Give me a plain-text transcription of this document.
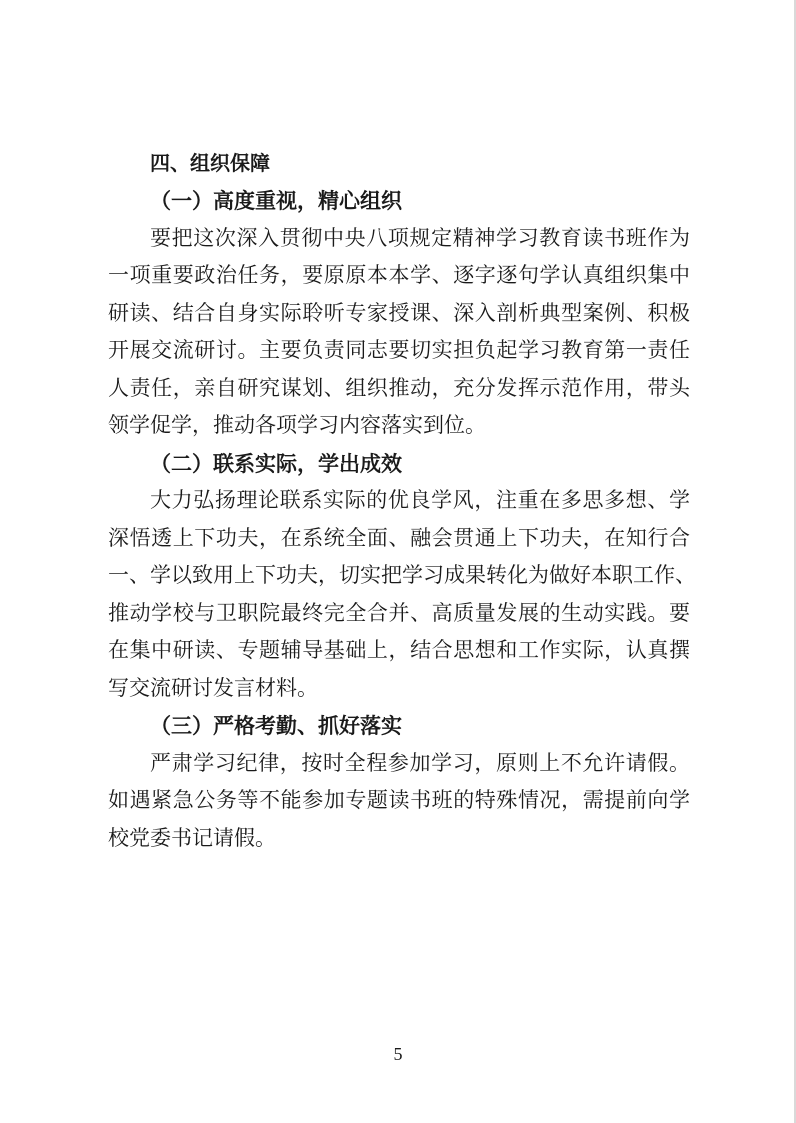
四、组织保障
（一）高度重视，精心组织
要把这次深入贯彻中央八项规定精神学习教育读书班作为
一项重要政治任务，要原原本本学、逐字逐句学认真组织集中
研读、结合自身实际聆听专家授课、深入剖析典型案例、积极
开展交流研讨。主要负责同志要切实担负起学习教育第一责任
人责任，亲自研究谋划、组织推动，充分发挥示范作用，带头
领学促学，推动各项学习内容落实到位。
（二）联系实际，学出成效
大力弘扬理论联系实际的优良学风，注重在多思多想、学
深悟透上下功夫，在系统全面、融会贯通上下功夫，在知行合
一、学以致用上下功夫，切实把学习成果转化为做好本职工作、
推动学校与卫职院最终完全合并、高质量发展的生动实践。要
在集中研读、专题辅导基础上，结合思想和工作实际，认真撰
写交流研讨发言材料。
（三）严格考勤、抓好落实
严肃学习纪律，按时全程参加学习，原则上不允许请假。
如遇紧急公务等不能参加专题读书班的特殊情况，需提前向学
校党委书记请假。
5
